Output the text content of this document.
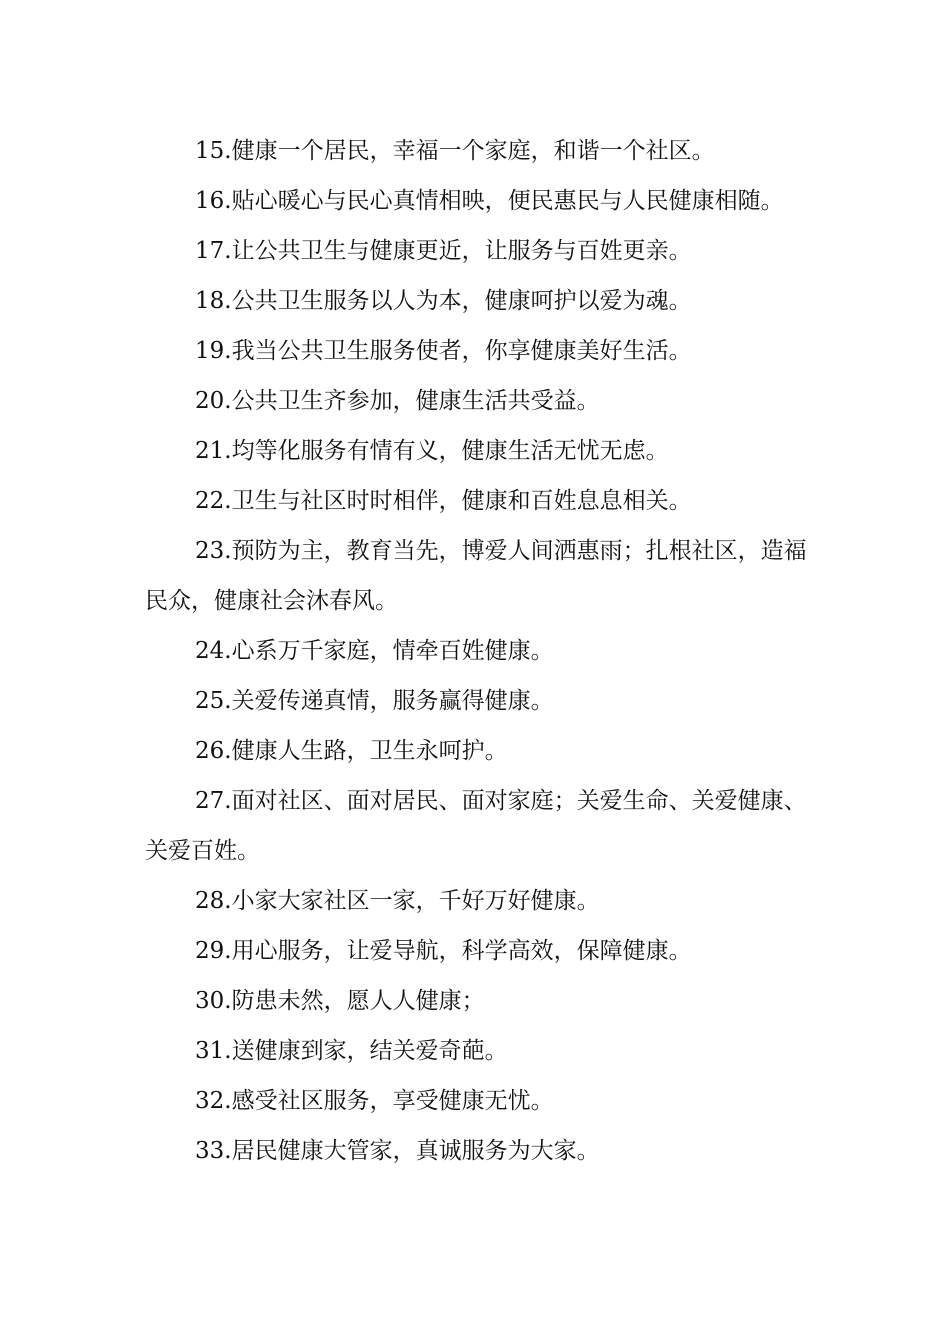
15.健康一个居民，幸福一个家庭，和谐一个社区。

16.贴心暖心与民心真情相映，便民惠民与人民健康相随。

17.让公共卫生与健康更近，让服务与百姓更亲。

18.公共卫生服务以人为本，健康呵护以爱为魂。

19.我当公共卫生服务使者，你享健康美好生活。

20.公共卫生齐参加，健康生活共受益。

21.均等化服务有情有义，健康生活无忧无虑。

22.卫生与社区时时相伴，健康和百姓息息相关。

23.预防为主，教育当先，博爱人间洒惠雨；扎根社区，造福民众，健康社会沐春风。

24.心系万千家庭，情牵百姓健康。

25.关爱传递真情，服务赢得健康。

26.健康人生路，卫生永呵护。

27.面对社区、面对居民、面对家庭；关爱生命、关爱健康、关爱百姓。

28.小家大家社区一家，千好万好健康。

29.用心服务，让爱导航，科学高效，保障健康。

30.防患未然，愿人人健康；

31.送健康到家，结关爱奇葩。

32.感受社区服务，享受健康无忧。

33.居民健康大管家，真诚服务为大家。
